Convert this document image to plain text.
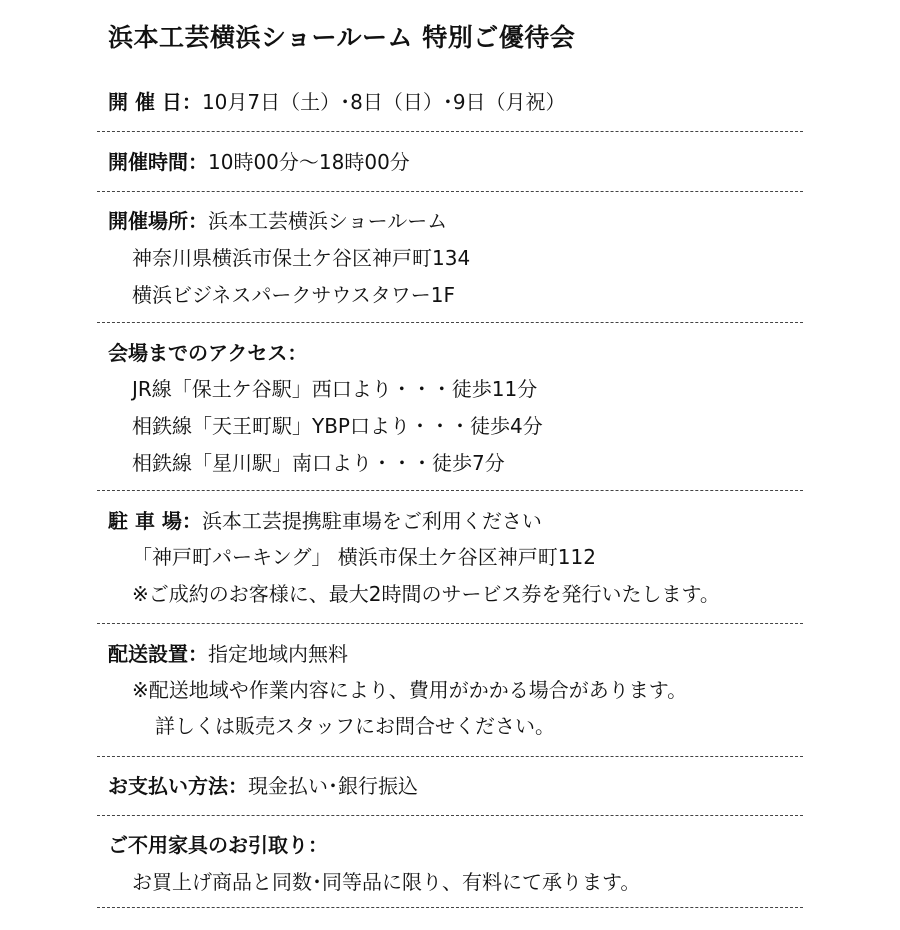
浜本工芸横浜ショールーム 特別ご優待会
開 催 日：10月7日（土）･8日（日）･9日（月祝）
開催時間：10時00分～18時00分
開催場所：浜本工芸横浜ショールーム
神奈川県横浜市保土ケ谷区神戸町134
横浜ビジネスパークサウスタワー1F
会場までのアクセス：
JR線「保土ケ谷駅」西口より・・・徒歩11分
相鉄線「天王町駅」YBP口より・・・徒歩4分
相鉄線「星川駅」南口より・・・徒歩7分
駐 車 場：浜本工芸提携駐車場をご利用ください
「神戸町パーキング」 横浜市保土ケ谷区神戸町112
※ご成約のお客様に、最大2時間のサービス券を発行いたします。
配送設置：指定地域内無料
※配送地域や作業内容により、費用がかかる場合があります。
詳しくは販売スタッフにお問合せください。
お支払い方法：現金払い･銀行振込
ご不用家具のお引取り：
お買上げ商品と同数･同等品に限り、有料にて承ります。
